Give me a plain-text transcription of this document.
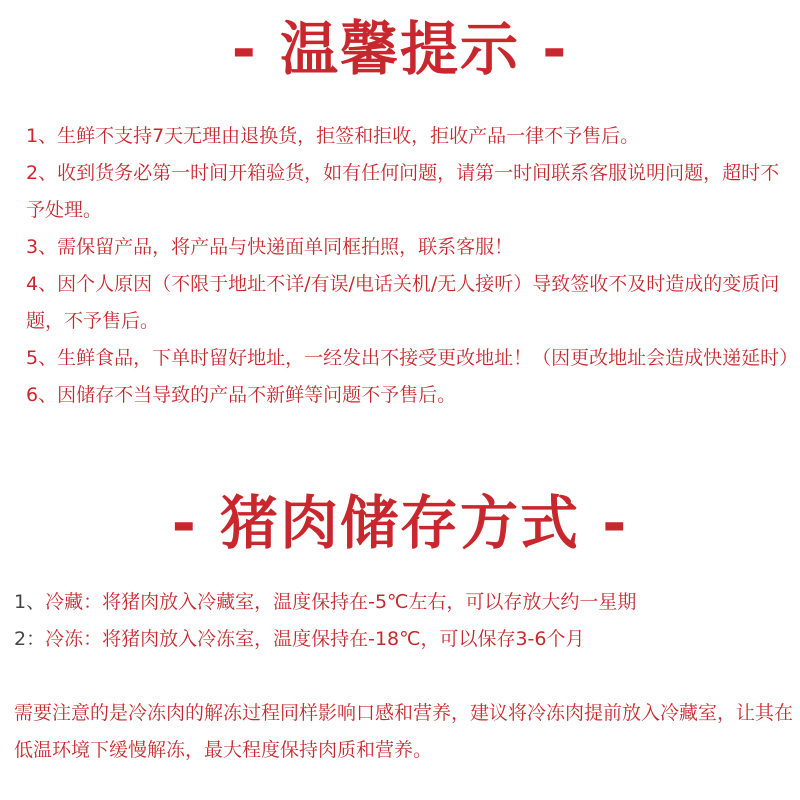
- 温馨提示 -

1、生鲜不支持7天无理由退换货，拒签和拒收，拒收产品一律不予售后。

2、收到货务必第一时间开箱验货，如有任何问题，请第一时间联系客服说明问题，超时不予处理。

3、需保留产品，将产品与快递面单同框拍照，联系客服！

4、因个人原因（不限于地址不详/有误/电话关机/无人接听）导致签收不及时造成的变质问题，不予售后。

5、生鲜食品，下单时留好地址，一经发出不接受更改地址！（因更改地址会造成快递延时）

6、因储存不当导致的产品不新鲜等问题不予售后。

- 猪肉储存方式 -
1、冷藏：将猪肉放入冷藏室，温度保持在-5℃左右，可以存放大约一星期
2：冷冻：将猪肉放入冷冻室，温度保持在-18℃，可以保存3-6个月
需要注意的是冷冻肉的解冻过程同样影响口感和营养，建议将冷冻肉提前放入冷藏室，让其在低温环境下缓慢解冻，最大程度保持肉质和营养。
